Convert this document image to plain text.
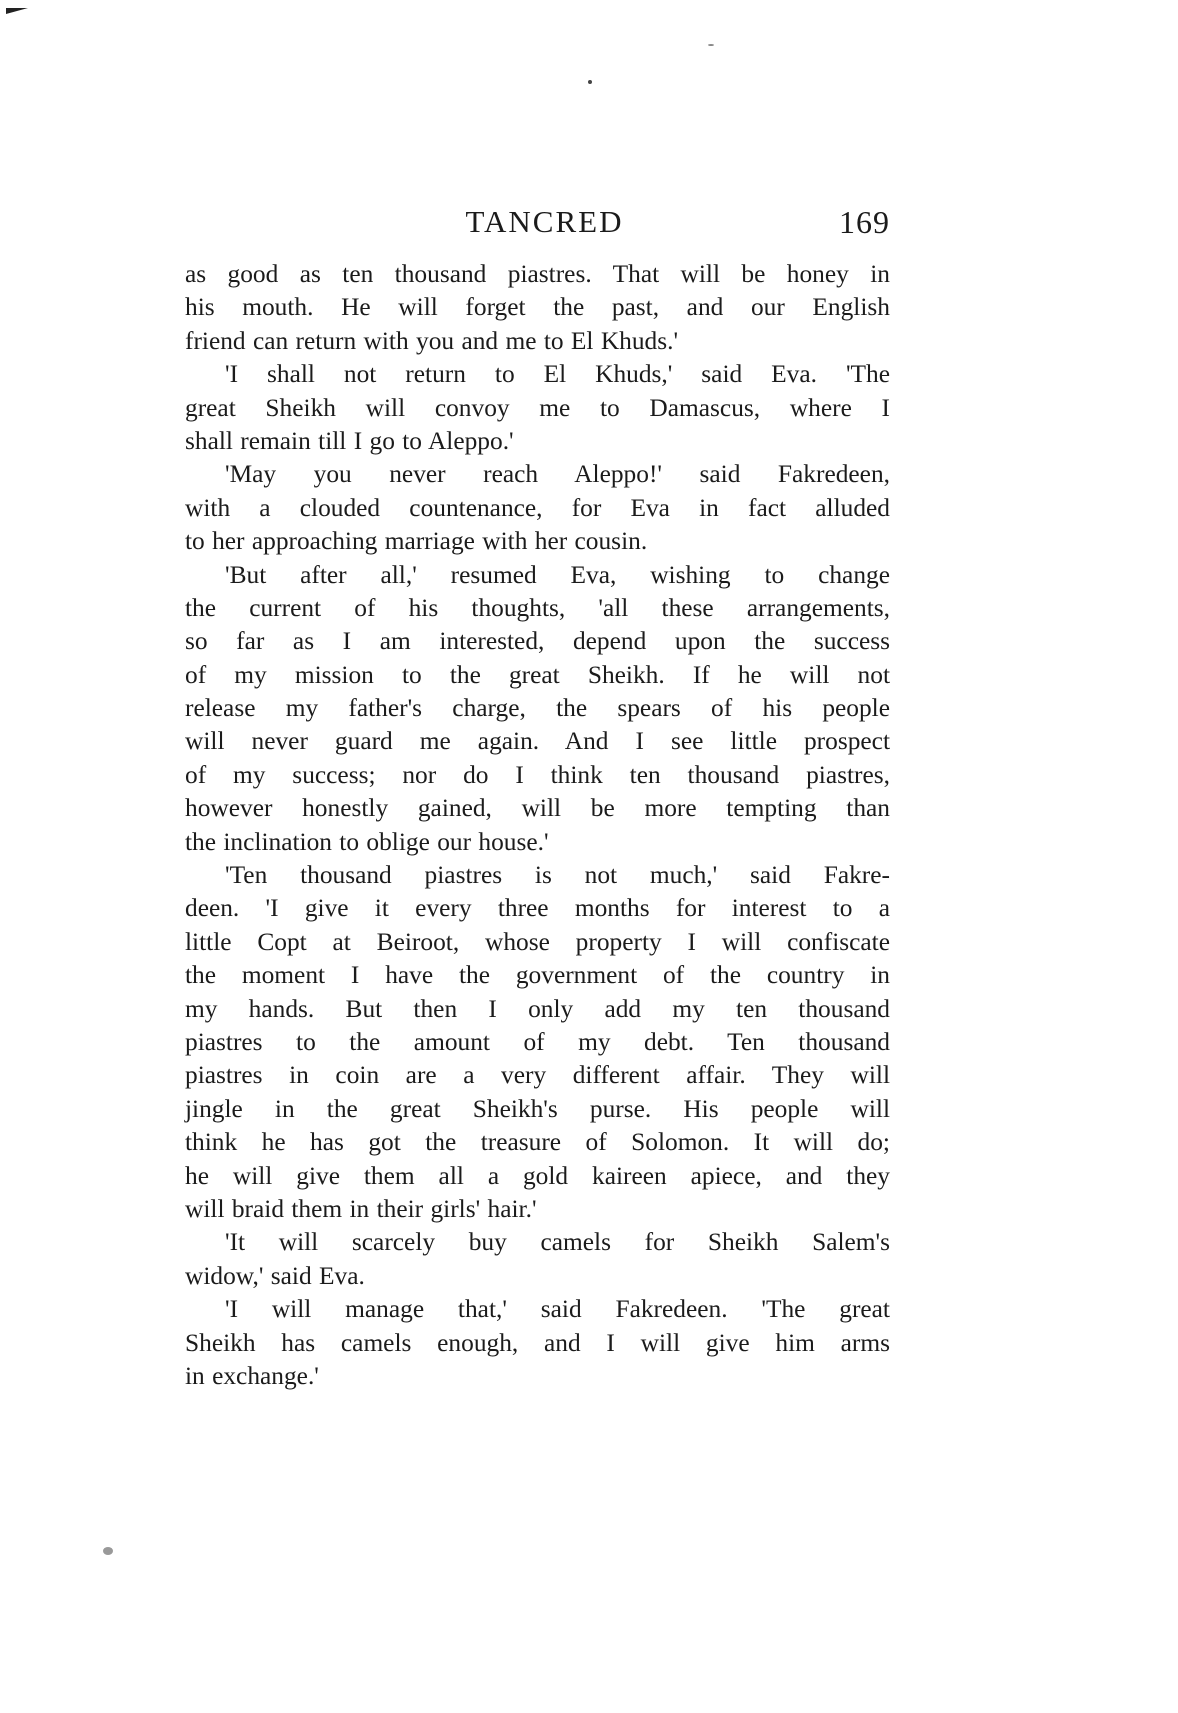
TANCRED	169
as good as ten thousand piastres. That will be honey in
his mouth. He will forget the past, and our English
friend can return with you and me to El Khuds.'
'I shall not return to El Khuds,' said Eva. 'The
great Sheikh will convoy me to Damascus, where I
shall remain till I go to Aleppo.'
'May you never reach Aleppo!' said Fakredeen,
with a clouded countenance, for Eva in fact alluded
to her approaching marriage with her cousin.
'But after all,' resumed Eva, wishing to change
the current of his thoughts, 'all these arrangements,
so far as I am interested, depend upon the success
of my mission to the great Sheikh. If he will not
release my father's charge, the spears of his people
will never guard me again. And I see little prospect
of my success; nor do I think ten thousand piastres,
however honestly gained, will be more tempting than
the inclination to oblige our house.'
'Ten thousand piastres is not much,' said Fakre-
deen. 'I give it every three months for interest to a
little Copt at Beiroot, whose property I will confiscate
the moment I have the government of the country in
my hands. But then I only add my ten thousand
piastres to the amount of my debt. Ten thousand
piastres in coin are a very different affair. They will
jingle in the great Sheikh's purse. His people will
think he has got the treasure of Solomon. It will do;
he will give them all a gold kaireen apiece, and they
will braid them in their girls' hair.'
'It will scarcely buy camels for Sheikh Salem's
widow,' said Eva.
'I will manage that,' said Fakredeen. 'The great
Sheikh has camels enough, and I will give him arms
in exchange.'
